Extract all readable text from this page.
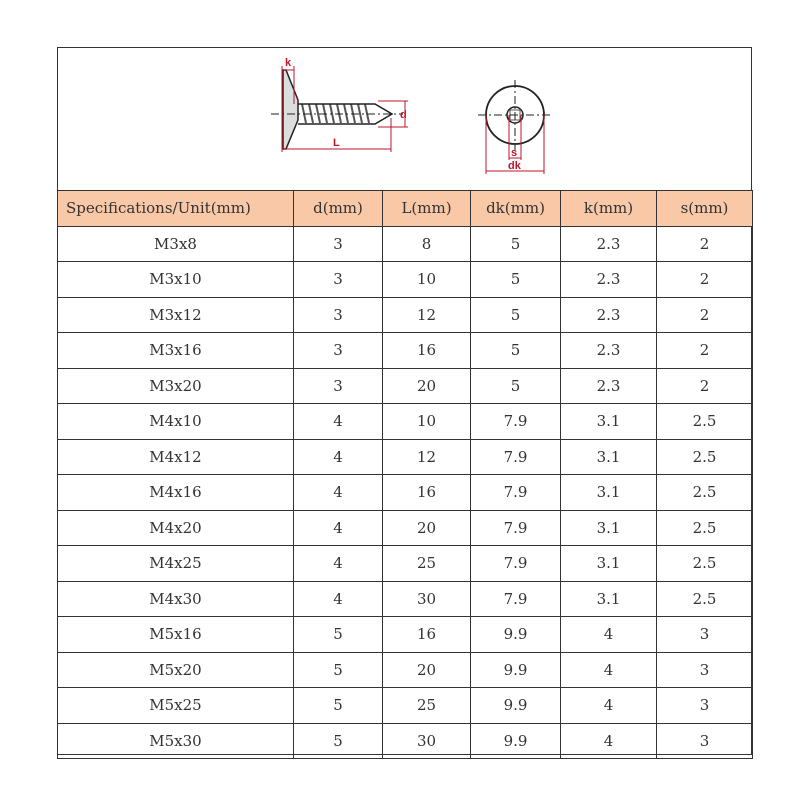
k
L
d
s
dk
Specifications/Unit(mm)	d(mm)	L(mm)	dk(mm)	k(mm)	s(mm)
M3x8	3	8	5	2.3	2
M3x10	3	10	5	2.3	2
M3x12	3	12	5	2.3	2
M3x16	3	16	5	2.3	2
M3x20	3	20	5	2.3	2
M4x10	4	10	7.9	3.1	2.5
M4x12	4	12	7.9	3.1	2.5
M4x16	4	16	7.9	3.1	2.5
M4x20	4	20	7.9	3.1	2.5
M4x25	4	25	7.9	3.1	2.5
M4x30	4	30	7.9	3.1	2.5
M5x16	5	16	9.9	4	3
M5x20	5	20	9.9	4	3
M5x25	5	25	9.9	4	3
M5x30	5	30	9.9	4	3
